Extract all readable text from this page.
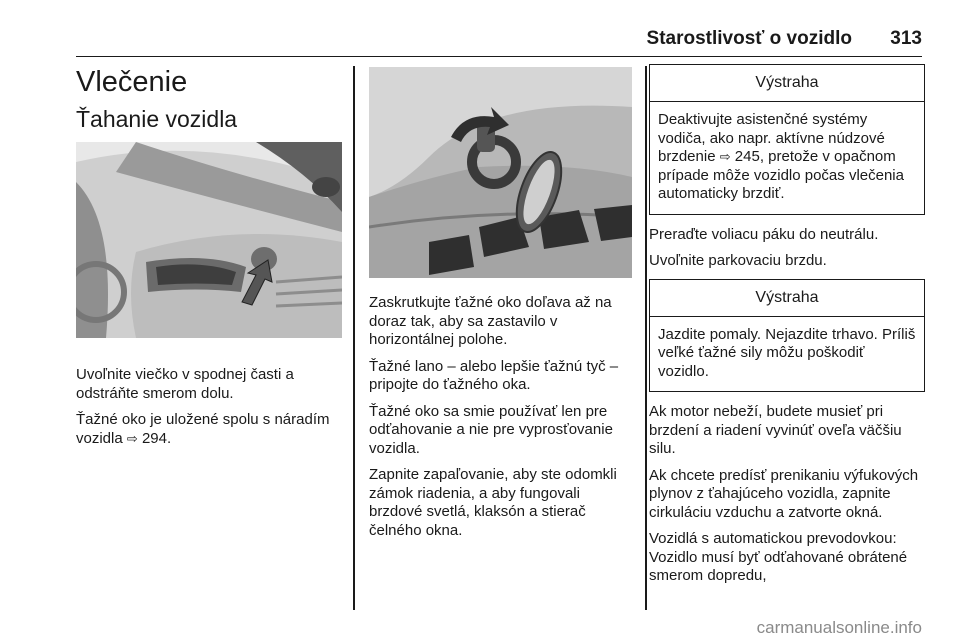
Starostlivosť o vozidlo 313
Vlečenie
Ťahanie vozidla

Uvoľnite viečko v spodnej časti a odstráňte smerom dolu.

Ťažné oko je uložené spolu s náradím vozidla ⇨ 294.

Zaskrutkujte ťažné oko doľava až na doraz tak, aby sa zastavilo v horizontálnej polohe.

Ťažné lano – alebo lepšie ťažnú tyč – pripojte do ťažného oka.

Ťažné oko sa smie používať len pre odťahovanie a nie pre vyprosťovanie vozidla.

Zapnite zapaľovanie, aby ste odomkli zámok riadenia, a aby fungovali brzdové svetlá, klaksón a stierač čelného okna.

Výstraha
Deaktivujte asistenčné systémy vodiča, ako napr. aktívne núdzové brzdenie ⇨ 245, pretože v opačnom prípade môže vozidlo počas vlečenia automaticky brzdiť.

Preraďte voliacu páku do neutrálu.

Uvoľnite parkovaciu brzdu.

Výstraha
Jazdite pomaly. Nejazdite trhavo. Príliš veľké ťažné sily môžu poškodiť vozidlo.

Ak motor nebeží, budete musieť pri brzdení a riadení vyvinúť oveľa väčšiu silu.

Ak chcete predísť prenikaniu výfukových plynov z ťahajúceho vozidla, zapnite cirkuláciu vzduchu a zatvorte okná.

Vozidlá s automatickou prevodovkou: Vozidlo musí byť odťahované obrátené smerom dopredu,

carmanualsonline.info
